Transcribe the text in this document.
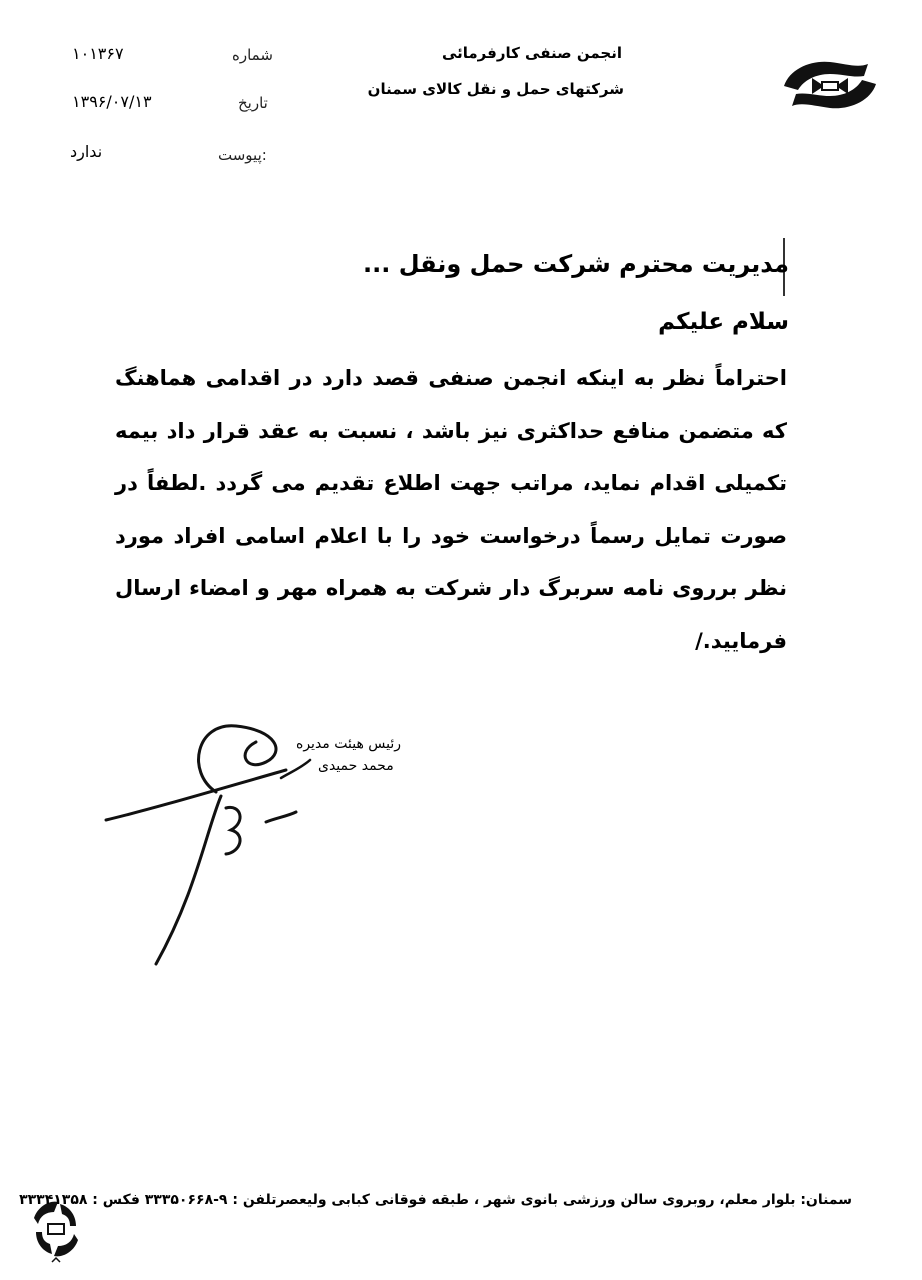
انجمن صنفی کارفرمائی
شرکتهای حمل و نقل کالای سمنان
شماره
تاریخ
پیوست:
۱۰۱۳۶۷
۱۳۹۶/۰۷/۱۳
ندارد
مدیریت محترم شرکت حمل ونقل ...
سلام علیکم
احتراماً نظر به اینکه انجمن صنفی قصد دارد در اقدامی هماهنگ که متضمن منافع حداکثری نیز باشد ، نسبت به عقد قرار داد بیمه تکمیلی اقدام نماید، مراتب جهت اطلاع تقدیم می گردد .لطفاً در صورت تمایل رسماً درخواست خود را با اعلام اسامی افراد مورد نظر برروی نامه سربرگ دار شرکت به همراه مهر و امضاء ارسال فرمایید./
رئیس هیئت مدیره
محمد حمیدی
سمنان: بلوار معلم، روبروی سالن ورزشی بانوی شهر ، طبقه فوقانی کبابی ولیعصرتلفن : ۹-۳۳۳۵۰۶۶۸ فکس : ۳۳۳۴۱۳۵۸
